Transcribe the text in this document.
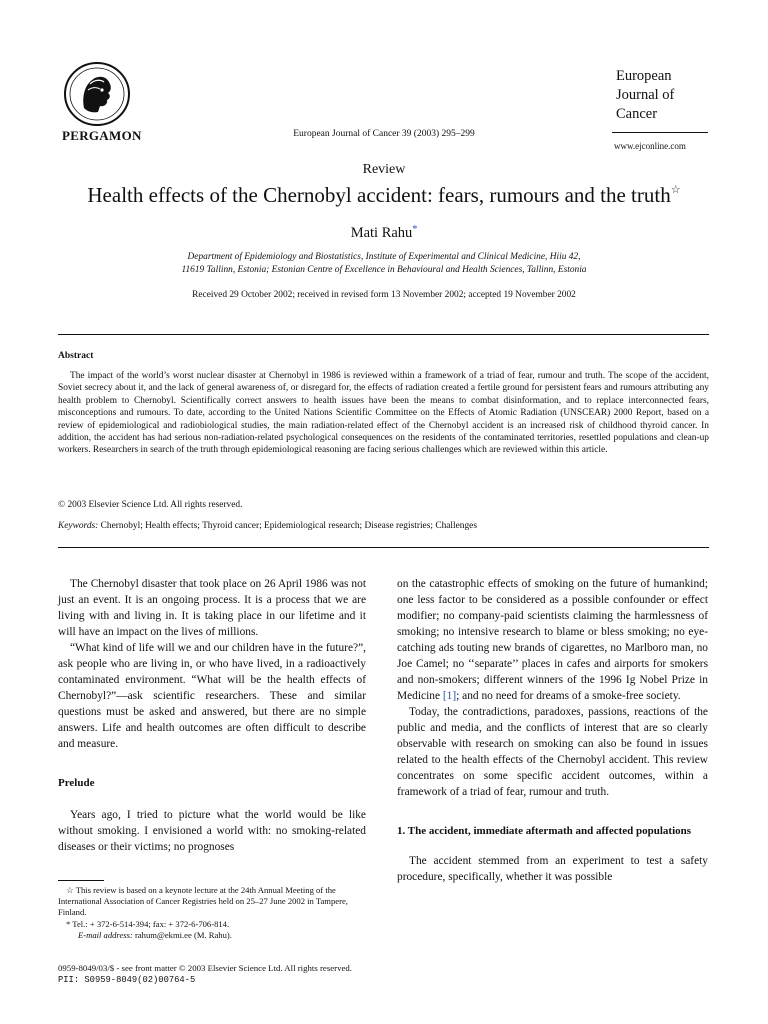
PERGAMON	European Journal of Cancer 39 (2003) 295–299
European
Journal of
Cancer
www.ejconline.com
Review
Health effects of the Chernobyl accident: fears, rumours and the truth☆
Mati Rahu*
Department of Epidemiology and Biostatistics, Institute of Experimental and Clinical Medicine, Hiiu 42,
11619 Tallinn, Estonia; Estonian Centre of Excellence in Behavioural and Health Sciences, Tallinn, Estonia
Received 29 October 2002; received in revised form 13 November 2002; accepted 19 November 2002
Abstract
The impact of the world’s worst nuclear disaster at Chernobyl in 1986 is reviewed within a framework of a triad of fear, rumour and truth. The scope of the accident, Soviet secrecy about it, and the lack of general awareness of, or disregard for, the effects of radiation created a fertile ground for persistent fears and rumours attributing any health problem to Chernobyl. Scientifically correct answers to health issues have been the means to combat disinformation, and to replace interconnected fears, misconceptions and rumours. To date, according to the United Nations Scientific Committee on the Effects of Atomic Radiation (UNSCEAR) 2000 Report, based on a review of epidemiological and radiobiological studies, the main radiation-related effect of the Chernobyl accident is an increased risk of childhood thyroid cancer. In addition, the accident has had serious non-radiation-related psychological consequences on the residents of the contaminated territories, resettled populations and clean-up workers. Researchers in search of the truth through epidemiological reasoning are facing serious challenges which are reviewed within this article.
© 2003 Elsevier Science Ltd. All rights reserved.
Keywords: Chernobyl; Health effects; Thyroid cancer; Epidemiological research; Disease registries; Challenges

The Chernobyl disaster that took place on 26 April 1986 was not just an event. It is an ongoing process. It is a process that we are living with and living in. It is taking place in our lifetime and it will have an impact on the lives of millions.

“What kind of life will we and our children have in the future?”, ask people who are living in, or who have lived, in a radioactively contaminated environment. “What will be the health effects of Chernobyl?”—ask scientific researchers. These and similar questions must be asked and answered, but there are no simple answers. Life and health outcomes are often difficult to describe and measure.

Prelude

Years ago, I tried to picture what the world would be like without smoking. I envisioned a world with: no smoking-related diseases or their victims; no prognoses

on the catastrophic effects of smoking on the future of humankind; one less factor to be considered as a possible confounder or effect modifier; no company-paid scientists claiming the harmlessness of smoking; no intensive research to blame or bless smoking; no eye-catching ads touting new brands of cigarettes, no Marlboro man, no Joe Camel; no ‘‘separate’’ places in cafes and airports for smokers and non-smokers; different winners of the 1996 Ig Nobel Prize in Medicine [1]; and no need for dreams of a smoke-free society.

Today, the contradictions, paradoxes, passions, reactions of the public and media, and the conflicts of interest that are so clearly observable with research on smoking can also be found in issues related to the health effects of the Chernobyl accident. This review concentrates on some specific accident outcomes, within a framework of a triad of fear, rumour and truth.

1. The accident, immediate aftermath and affected populations

The accident stemmed from an experiment to test a safety procedure, specifically, whether it was possible

☆ This review is based on a keynote lecture at the 24th Annual Meeting of the International Association of Cancer Registries held on 25–27 June 2002 in Tampere, Finland.

* Tel.: + 372-6-514-394; fax: + 372-6-706-814.

E-mail address: rahum@ekmi.ee (M. Rahu).

0959-8049/03/$ - see front matter © 2003 Elsevier Science Ltd. All rights reserved.
PII: S0959-8049(02)00764-5
